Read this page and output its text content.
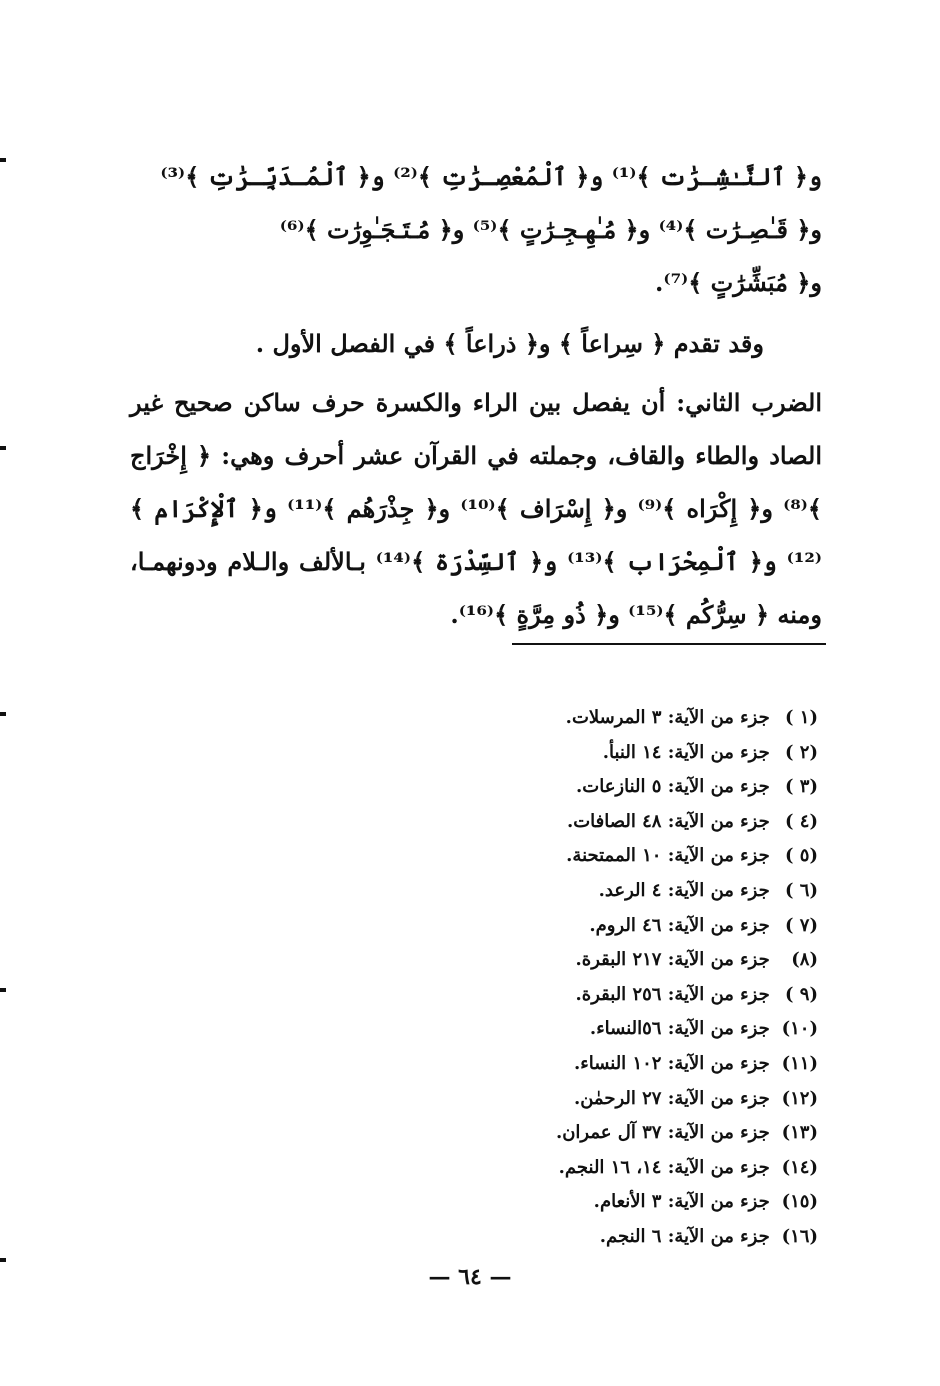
و﴿ ٱلنَّـٰشِـرَٰت ﴾⁽¹⁾ و﴿ ٱلْمُعْصِـرَٰتِ ﴾⁽²⁾ و﴿ ٱلْمُـدَبِّـرَٰتِ ﴾⁽³⁾

و﴿ قَـٰصِـرَٰت ﴾⁽⁴⁾ و﴿ مُـٰهِـجِـرَٰتٍ ﴾⁽⁵⁾ و﴿ مُـتَـجَـٰوِرَٰت ﴾⁽⁶⁾

و﴿ مُبَشِّرَٰتٍ ﴾⁽⁷⁾.

وقد تقدم ﴿ سِراعاً ﴾ و﴿ ذراعاً ﴾ في الفصل الأول .

الضرب الثاني: أن يفصل بين الراء والكسرة حرف ساكن صحيح غير الصاد والطاء والقاف، وجملته في القرآن عشر أحرف وهي: ﴿ إِخْرَاج ﴾⁽⁸⁾ و﴿ إِكْرَاه ﴾⁽⁹⁾ و﴿ إِسْرَاف ﴾⁽¹⁰⁾ و﴿ جِذْرَهُم ﴾⁽¹¹⁾ و﴿ ٱلْإِكْرَام ﴾⁽¹²⁾ و﴿ ٱلْمِحْرَاب ﴾⁽¹³⁾ و﴿ ٱلسِّدْرَة ﴾⁽¹⁴⁾ بـالألف والـلام ودونهمـا، ومنه ﴿ سِرُّكُم ﴾⁽¹⁵⁾ و﴿ ذُو مِرَّةٍ ﴾⁽¹⁶⁾.

(١ ) جزء من الآية: ٣ المرسلات.
(٢ ) جزء من الآية: ١٤ النبأ.
(٣ ) جزء من الآية: ٥ النازعات.
(٤ ) جزء من الآية: ٤٨ الصافات.
(٥ ) جزء من الآية: ١٠ الممتحنة.
(٦ ) جزء من الآية: ٤ الرعد.
(٧ ) جزء من الآية: ٤٦ الروم.
(٨) جزء من الآية: ٢١٧ البقرة.
(٩ ) جزء من الآية: ٢٥٦ البقرة.
(١٠) جزء من الآية: ٥٦النساء.
(١١) جزء من الآية: ١٠٢ النساء.
(١٢) جزء من الآية: ٢٧ الرحمٰن.
(١٣) جزء من الآية: ٣٧ آل عمران.
(١٤) جزء من الآية: ١٤، ١٦ النجم.
(١٥) جزء من الآية: ٣ الأنعام.
(١٦) جزء من الآية: ٦ النجم.
— ٦٤ —
